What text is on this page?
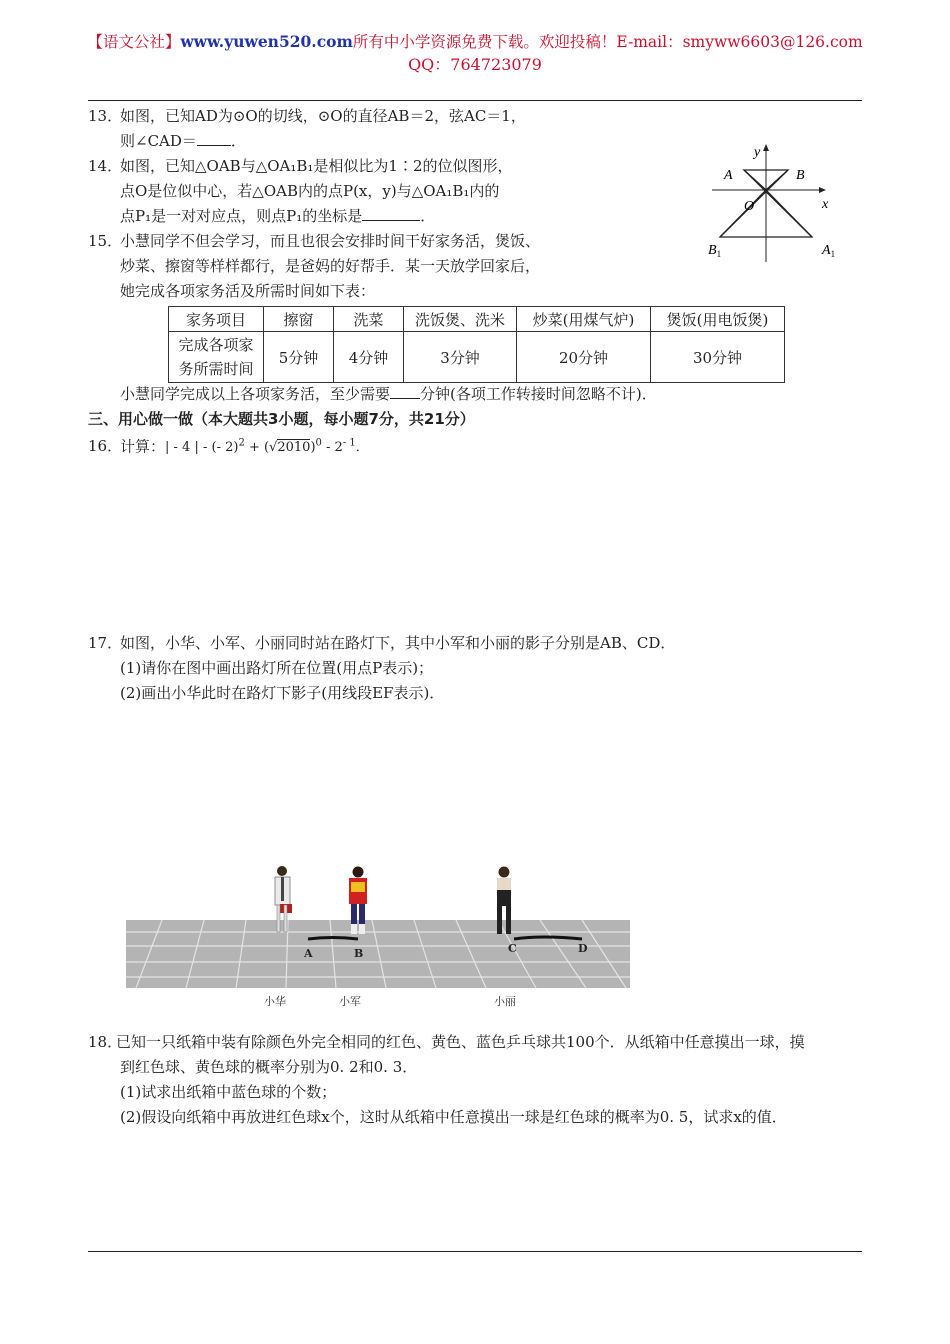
【语文公社】www.yuwen520.com所有中小学资源免费下载。欢迎投稿！E-mail：smyww6603@126.com
QQ：764723079
13．如图，已知AD为⊙O的切线，⊙O的直径AB＝2，弦AC＝1，
则∠CAD＝ ．
14．如图，已知△OAB与△OA₁B₁是相似比为1∶2的位似图形，
点O是位似中心，若△OAB内的点P(x，y)与△OA₁B₁内的
点P₁是一对对应点，则点P₁的坐标是	．
y
x
O
A	B
$B_1$	$A_1$
15．小慧同学不但会学习，而且也很会安排时间干好家务活，煲饭、
炒菜、擦窗等样样都行，是爸妈的好帮手．某一天放学回家后，
她完成各项家务活及所需时间如下表：
家务项目	擦窗	洗菜	洗饭煲、洗米	炒菜(用煤气炉)	煲饭(用电饭煲)
完成各项家
务所需时间	5分钟	4分钟	3分钟	20分钟	30分钟
小慧同学完成以上各项家务活，至少需要 分钟(各项工作转接时间忽略不计)．
三、用心做一做（本大题共3小题，每小题7分，共21分）
16．计算：| - 4 | - (- $2)^2 + (√2010)^0 - 2^{- 1}$．
17．如图，小华、小军、小丽同时站在路灯下，其中小军和小丽的影子分别是AB、CD．
(1)请你在图中画出路灯所在位置(用点P表示)；
(2)画出小华此时在路灯下影子(用线段EF表示)．
A	B	C	D
小华	小军	小丽
18．已知一只纸箱中装有除颜色外完全相同的红色、黄色、蓝色乒乓球共100个．从纸箱中任意摸出一球，摸
到红色球、黄色球的概率分别为0. 2和0. 3．
(1)试求出纸箱中蓝色球的个数；
(2)假设向纸箱中再放进红色球x个，这时从纸箱中任意摸出一球是红色球的概率为0. 5，试求x的值．
